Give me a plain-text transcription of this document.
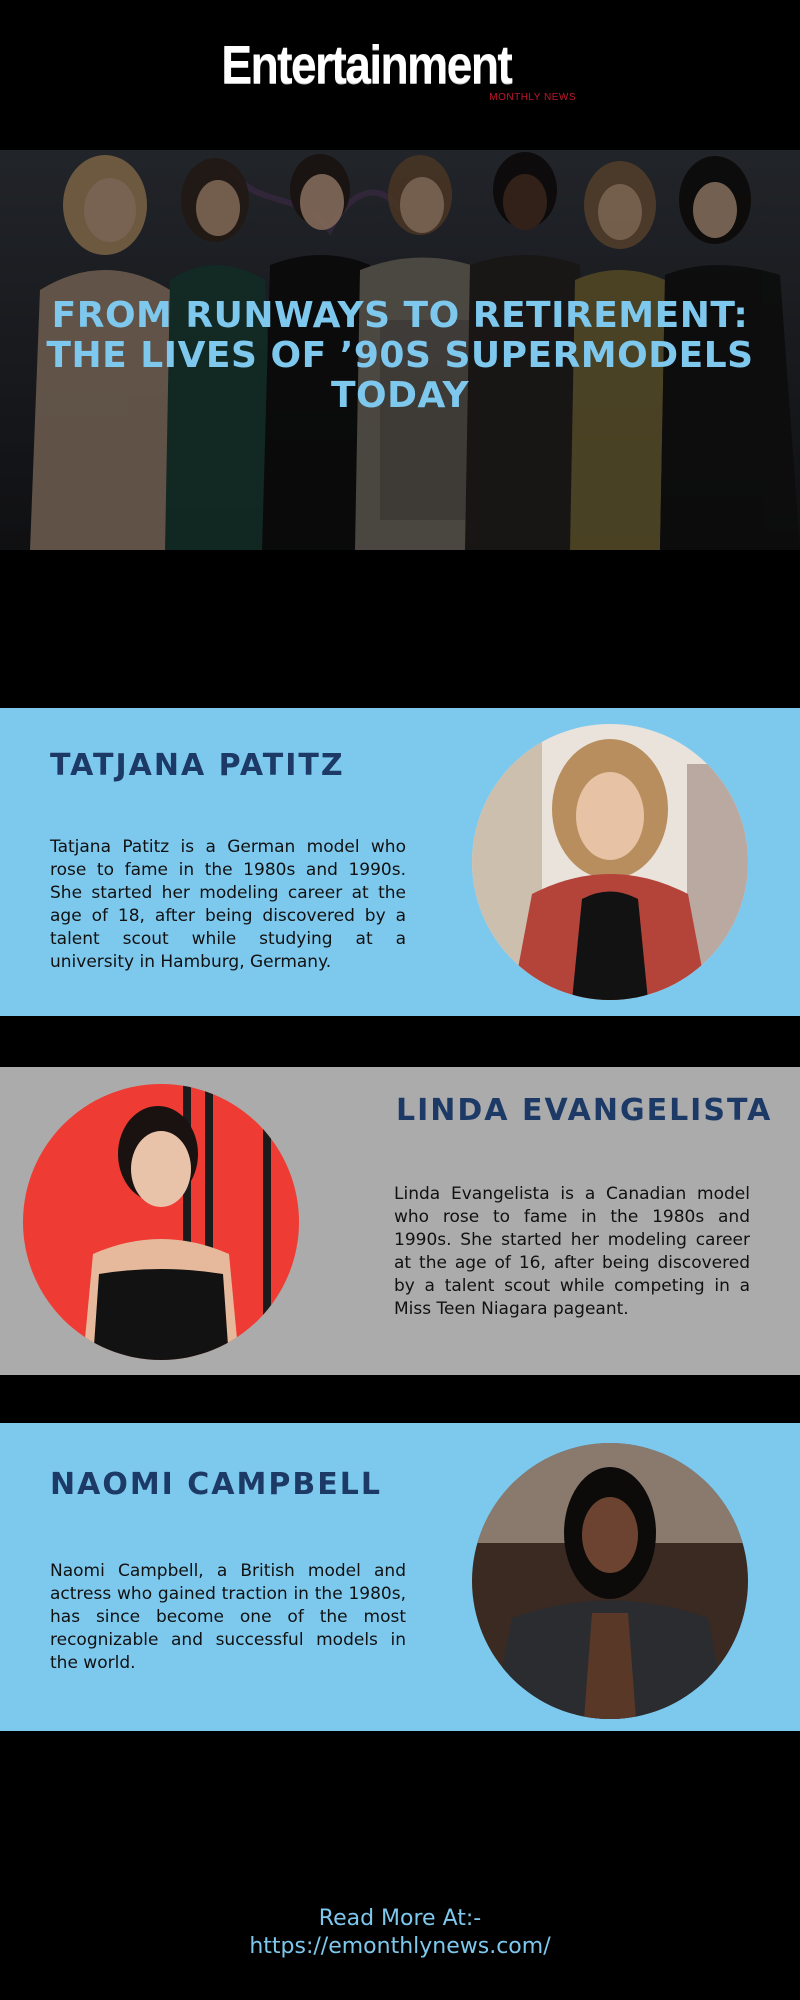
Entertainment
MONTHLY NEWS
FROM RUNWAYS TO RETIREMENT: THE LIVES OF ’90S SUPERMODELS TODAY
TATJANA PATITZ

Tatjana Patitz is a German model who rose to fame in the 1980s and 1990s. She started her modeling career at the age of 18, after being discovered by a talent scout while studying at a university in Hamburg, Germany.

LINDA EVANGELISTA

Linda Evangelista is a Canadian model who rose to fame in the 1980s and 1990s. She started her modeling career at the age of 16, after being discovered by a talent scout while competing in a Miss Teen Niagara pageant.

NAOMI CAMPBELL

Naomi Campbell, a British model and actress who gained traction in the 1980s, has since become one of the most recognizable and successful models in the world.

Read More At:-
https://emonthlynews.com/
